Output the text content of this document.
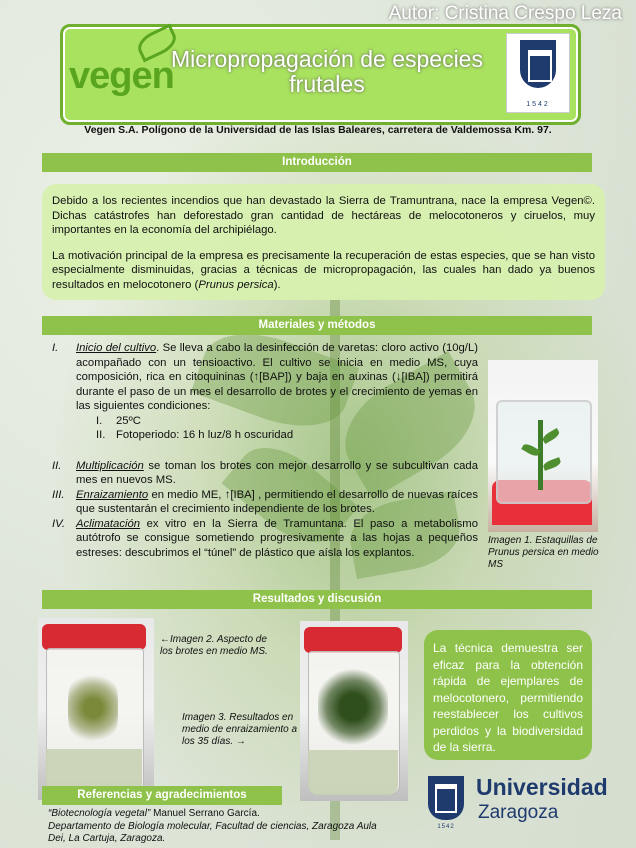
Autor: Cristina Crespo Leza
vegen
Micropropagación de especies frutales
1542
Vegen S.A. Polígono de la Universidad de las Islas Baleares, carretera de Valdemossa Km. 97.
Introducción

Debido a los recientes incendios que han devastado la Sierra de Tramuntrana, nace la empresa Vegen©. Dichas catástrofes han deforestado gran cantidad de hectáreas de melocotoneros y ciruelos, muy importantes en la economía del archipiélago.

La motivación principal de la empresa es precisamente la recuperación de estas especies, que se han visto especialmente disminuidas, gracias a técnicas de micropropagación, las cuales han dado ya buenos resultados en melocotonero (Prunus persica).

Materiales y métodos
I. Inicio del cultivo. Se lleva a cabo la desinfección de varetas: cloro activo (10g/L) acompañado con un tensioactivo. El cultivo se inicia en medio MS, cuya composición, rica en citoquininas (↑[BAP]) y baja en auxinas (↓[IBA]) permitirá durante el paso de un mes el desarrollo de brotes y el crecimiento de yemas en las siguientes condiciones:
I. 25ºC
II. Fotoperiodo: 16 h luz/8 h oscuridad
II. Multiplicación se toman los brotes con mejor desarrollo y se subcultivan cada mes en nuevos MS.
III. Enraizamiento en medio ME, ↑[IBA] , permitiendo el desarrollo de nuevas raíces que sustentarán el crecimiento independiente de los brotes.
IV. Aclimatación ex vitro en la Sierra de Tramuntana. El paso a metabolismo autótrofo se consigue sometiendo progresivamente a las hojas a pequeños estreses: descubrimos el “túnel” de plástico que aísla los explantos.
Imagen 1. Estaquillas de Prunus persica en medio MS
Resultados y discusión
←Imagen 2. Aspecto de los brotes en medio MS.
Imagen 3. Resultados en medio de enraizamiento a los 35 días. →
La técnica demuestra ser eficaz para la obtención rápida de ejemplares de melocotonero, permitiendo reestablecer los cultivos perdidos y la biodiversidad de la sierra.
Referencias y agradecimientos
“Biotecnología vegetal” Manuel Serrano García.
Departamento de Biología molecular, Facultad de ciencias, Zaragoza Aula Dei, La Cartuja, Zaragoza.
1542
Universidad
Zaragoza
